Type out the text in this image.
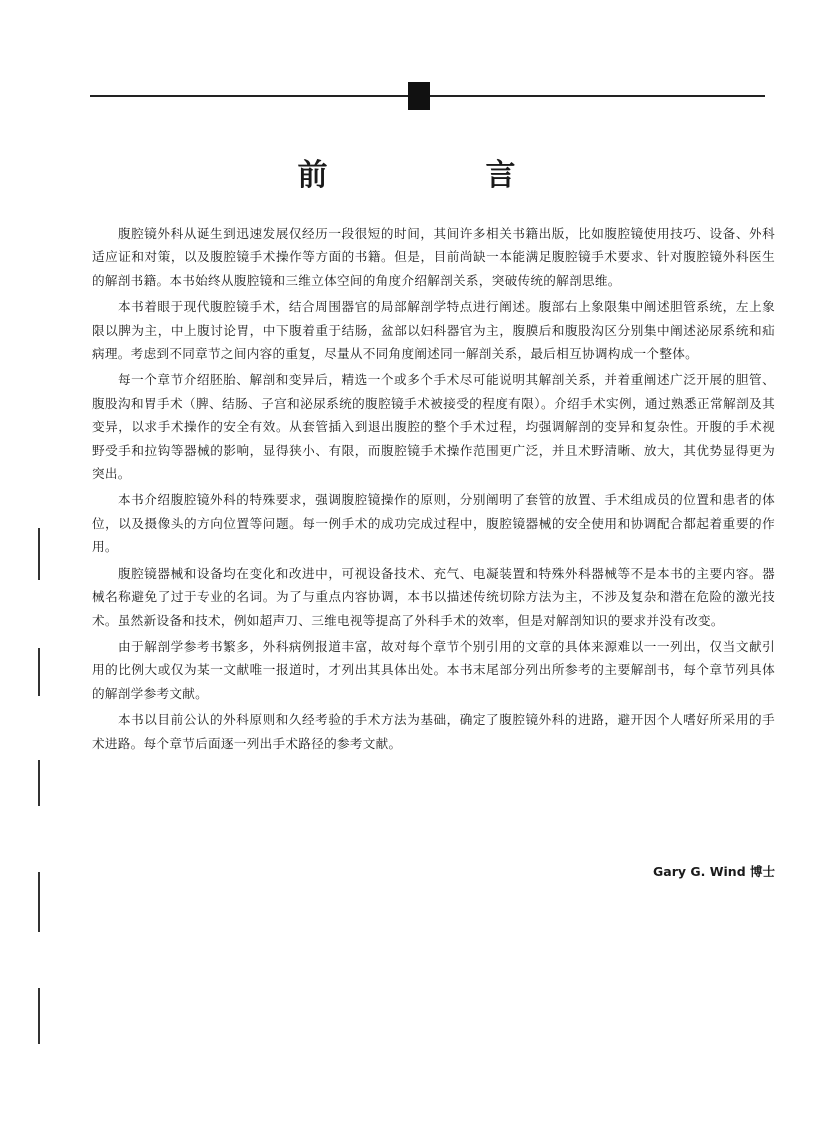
前　言

腹腔镜外科从诞生到迅速发展仅经历一段很短的时间，其间许多相关书籍出版，比如腹腔镜使用技巧、设备、外科适应证和对策，以及腹腔镜手术操作等方面的书籍。但是，目前尚缺一本能满足腹腔镜手术要求、针对腹腔镜外科医生的解剖书籍。本书始终从腹腔镜和三维立体空间的角度介绍解剖关系，突破传统的解剖思维。

本书着眼于现代腹腔镜手术，结合周围器官的局部解剖学特点进行阐述。腹部右上象限集中阐述胆管系统，左上象限以脾为主，中上腹讨论胃，中下腹着重于结肠，盆部以妇科器官为主，腹膜后和腹股沟区分别集中阐述泌尿系统和疝病理。考虑到不同章节之间内容的重复，尽量从不同角度阐述同一解剖关系，最后相互协调构成一个整体。

每一个章节介绍胚胎、解剖和变异后，精选一个或多个手术尽可能说明其解剖关系，并着重阐述广泛开展的胆管、腹股沟和胃手术（脾、结肠、子宫和泌尿系统的腹腔镜手术被接受的程度有限）。介绍手术实例，通过熟悉正常解剖及其变异，以求手术操作的安全有效。从套管插入到退出腹腔的整个手术过程，均强调解剖的变异和复杂性。开腹的手术视野受手和拉钩等器械的影响，显得狭小、有限，而腹腔镜手术操作范围更广泛，并且术野清晰、放大，其优势显得更为突出。

本书介绍腹腔镜外科的特殊要求，强调腹腔镜操作的原则，分别阐明了套管的放置、手术组成员的位置和患者的体位，以及摄像头的方向位置等问题。每一例手术的成功完成过程中，腹腔镜器械的安全使用和协调配合都起着重要的作用。

腹腔镜器械和设备均在变化和改进中，可视设备技术、充气、电凝装置和特殊外科器械等不是本书的主要内容。器械名称避免了过于专业的名词。为了与重点内容协调，本书以描述传统切除方法为主，不涉及复杂和潜在危险的激光技术。虽然新设备和技术，例如超声刀、三维电视等提高了外科手术的效率，但是对解剖知识的要求并没有改变。

由于解剖学参考书繁多，外科病例报道丰富，故对每个章节个别引用的文章的具体来源难以一一列出，仅当文献引用的比例大或仅为某一文献唯一报道时，才列出其具体出处。本书末尾部分列出所参考的主要解剖书，每个章节列具体的解剖学参考文献。

本书以目前公认的外科原则和久经考验的手术方法为基础，确定了腹腔镜外科的进路，避开因个人嗜好所采用的手术进路。每个章节后面逐一列出手术路径的参考文献。

Gary G. Wind 博士
